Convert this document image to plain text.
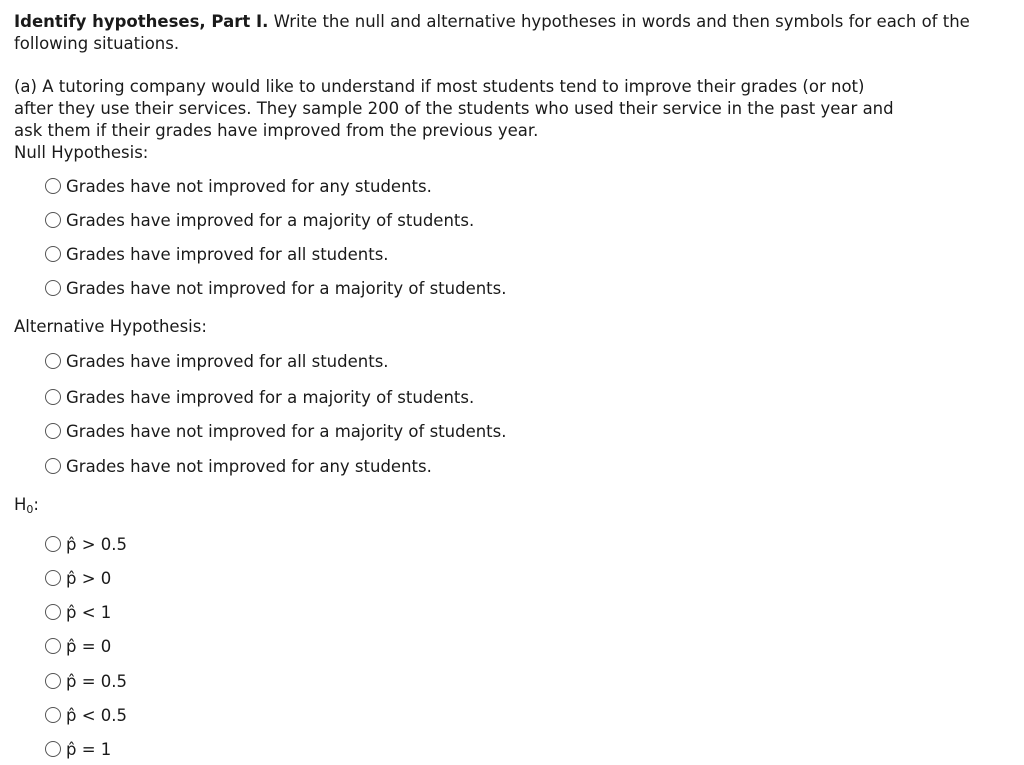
Identify hypotheses, Part I. Write the null and alternative hypotheses in words and then symbols for each of the following situations.

(a) A tutoring company would like to understand if most students tend to improve their grades (or not)

after they use their services. They sample 200 of the students who used their service in the past year and

ask them if their grades have improved from the previous year.

Null Hypothesis:

Grades have not improved for any students.
Grades have improved for a majority of students.
Grades have improved for all students.
Grades have not improved for a majority of students.
Alternative Hypothesis:
Grades have improved for all students.
Grades have improved for a majority of students.
Grades have not improved for a majority of students.
Grades have not improved for any students.
$H_0$:
p̂ > 0.5
p̂ > 0
p̂ < 1
p̂ = 0
p̂ = 0.5
p̂ < 0.5
p̂ = 1
